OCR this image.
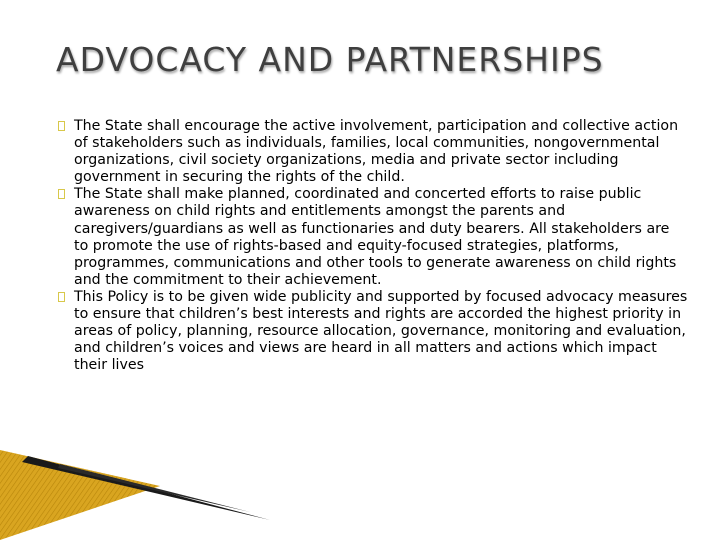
ADVOCACY AND PARTNERSHIPS
The State shall encourage the active involvement, participation and collective action of stakeholders such as individuals, families, local communities, nongovernmental organizations, civil society organizations, media and private sector including government in securing the rights of the child.
The State shall make planned, coordinated and concerted efforts to raise public awareness on child rights and entitlements amongst the parents and caregivers/guardians as well as functionaries and duty bearers. All stakeholders are to promote the use of rights-based and equity-focused strategies, platforms, programmes, communications and other tools to generate awareness on child rights and the commitment to their achievement.
This Policy is to be given wide publicity and supported by focused advocacy measures to ensure that children’s best interests and rights are accorded the highest priority in areas of policy, planning, resource allocation, governance, monitoring and evaluation, and children’s voices and views are heard in all matters and actions which impact their lives
